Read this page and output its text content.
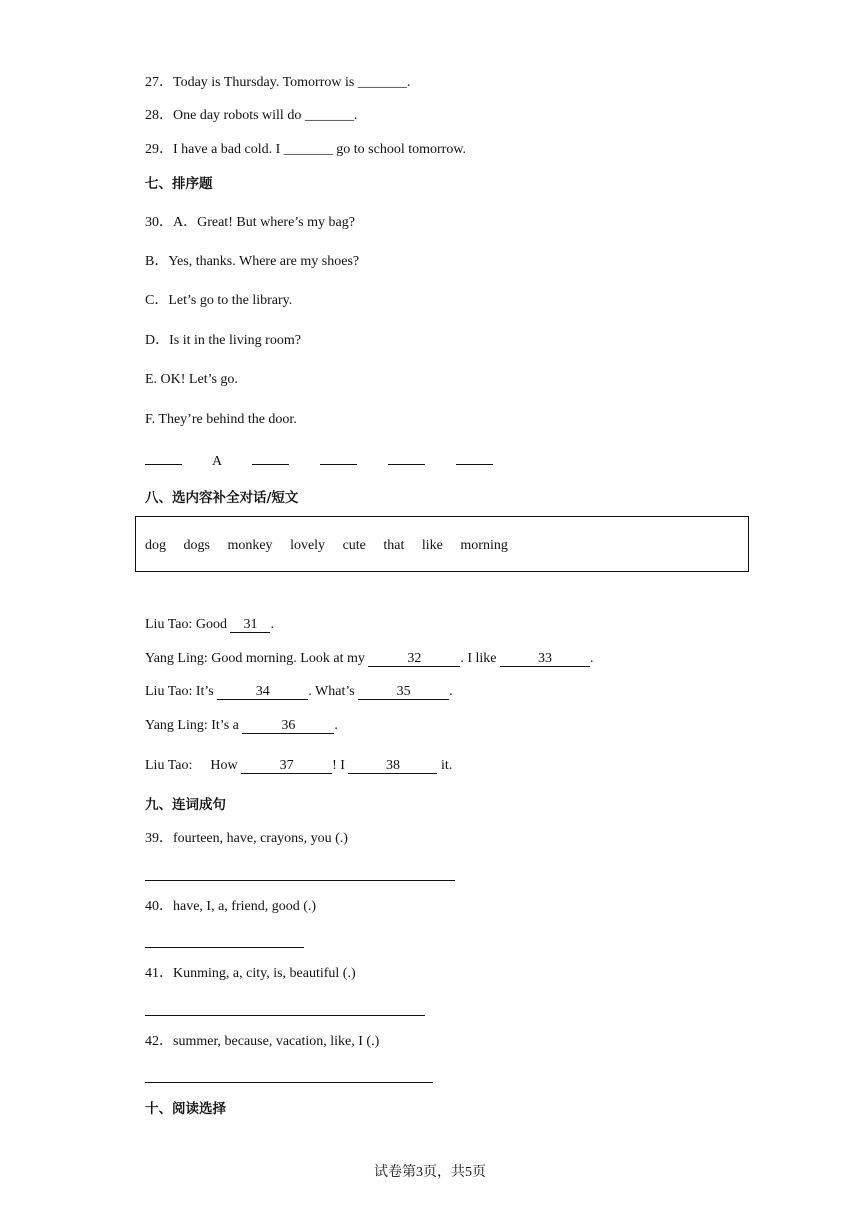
27．Today is Thursday. Tomorrow is _______.
28．One day robots will do _______.
29．I have a bad cold. I _______ go to school tomorrow.
七、排序题
30．A．Great! But where’s my bag?
B．Yes, thanks. Where are my shoes?
C．Let’s go to the library.
D．Is it in the living room?
E. OK! Let’s go.
F. They’re behind the door.
A
八、选内容补全对话/短文
dog dogs monkey lovely cute that like morning
Liu Tao: Good 31 .
Yang Ling: Good morning. Look at my	32	. I like	33	.
Liu Tao: It’s	34	. What’s	35	.
Yang Ling: It’s a	36	.
Liu Tao: How	37	! I	38	it.
九、连词成句
39．fourteen, have, crayons, you (.)
40．have, I, a, friend, good (.)
41．Kunming, a, city, is, beautiful (.)
42．summer, because, vacation, like, I (.)
十、阅读选择
试卷第3页，共5页
